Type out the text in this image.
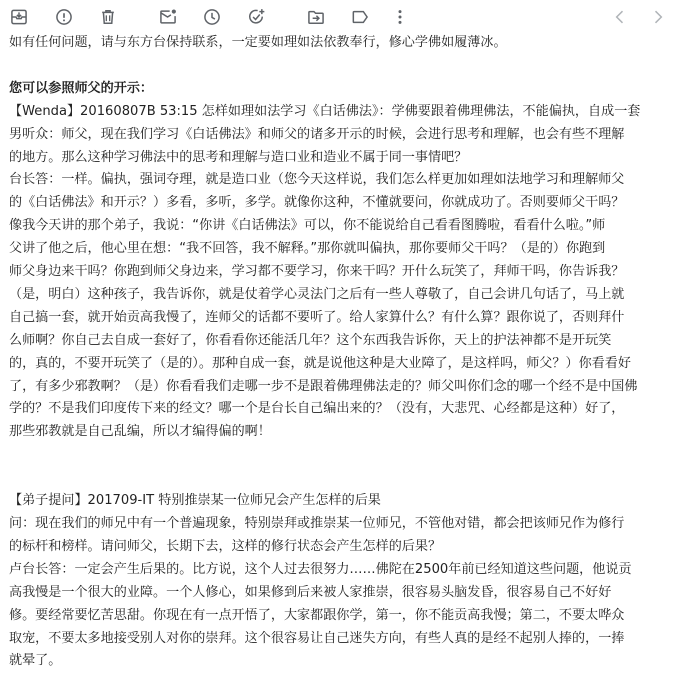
如有任何问题，请与东方台保持联系，一定要如理如法依教奉行，修心学佛如履薄冰。

您可以参照师父的开示：

【Wenda】20160807B 53:15 怎样如理如法学习《白话佛法》：学佛要跟着佛理佛法，不能偏执，自成一套

男听众：师父，现在我们学习《白话佛法》和师父的诸多开示的时候，会进行思考和理解，也会有些不理解

的地方。那么这种学习佛法中的思考和理解与造口业和造业不属于同一事情吧？

台长答：一样。偏执，强词夺理，就是造口业（您今天这样说，我们怎么样更加如理如法地学习和理解师父

的《白话佛法》和开示？）多看，多听，多学。就像你这种，不懂就要问，你就成功了。否则要师父干吗？

像我今天讲的那个弟子，我说：“你讲《白话佛法》可以，你不能说给自己看看图腾啦，看看什么啦。”师

父讲了他之后，他心里在想：“我不回答，我不解释。”那你就叫偏执，那你要师父干吗？（是的）你跑到

师父身边来干吗？你跑到师父身边来，学习都不要学习，你来干吗？开什么玩笑了，拜师干吗，你告诉我？

（是，明白）这种孩子，我告诉你，就是仗着学心灵法门之后有一些人尊敬了，自己会讲几句话了，马上就

自己搞一套，就开始贡高我慢了，连师父的话都不要听了。给人家算什么？有什么算？跟你说了，否则拜什

么师啊？你自己去自成一套好了，你看看你还能活几年？这个东西我告诉你，天上的护法神都不是开玩笑

的，真的，不要开玩笑了（是的）。那种自成一套，就是说他这种是大业障了，是这样吗，师父？）你看看好

了，有多少邪教啊？（是）你看看我们走哪一步不是跟着佛理佛法走的？师父叫你们念的哪一个经不是中国佛

学的？不是我们印度传下来的经文？哪一个是台长自己编出来的？（没有，大悲咒、心经都是这种）好了，

那些邪教就是自己乱编，所以才编得偏的啊！

【弟子提问】201709-IT 特别推崇某一位师兄会产生怎样的后果

问：现在我们的师兄中有一个普遍现象，特别崇拜或推崇某一位师兄，不管他对错，都会把该师兄作为修行

的标杆和榜样。请问师父，长期下去，这样的修行状态会产生怎样的后果？

卢台长答：一定会产生后果的。比方说，这个人过去很努力……佛陀在2500年前已经知道这些问题，他说贡

高我慢是一个很大的业障。一个人修心，如果修到后来被人家推崇，很容易头脑发昏，很容易自己不好好

修。要经常要忆苦思甜。你现在有一点开悟了，大家都跟你学，第一，你不能贡高我慢；第二，不要太哗众

取宠，不要太多地接受别人对你的崇拜。这个很容易让自己迷失方向，有些人真的是经不起别人捧的，一捧

就晕了。
